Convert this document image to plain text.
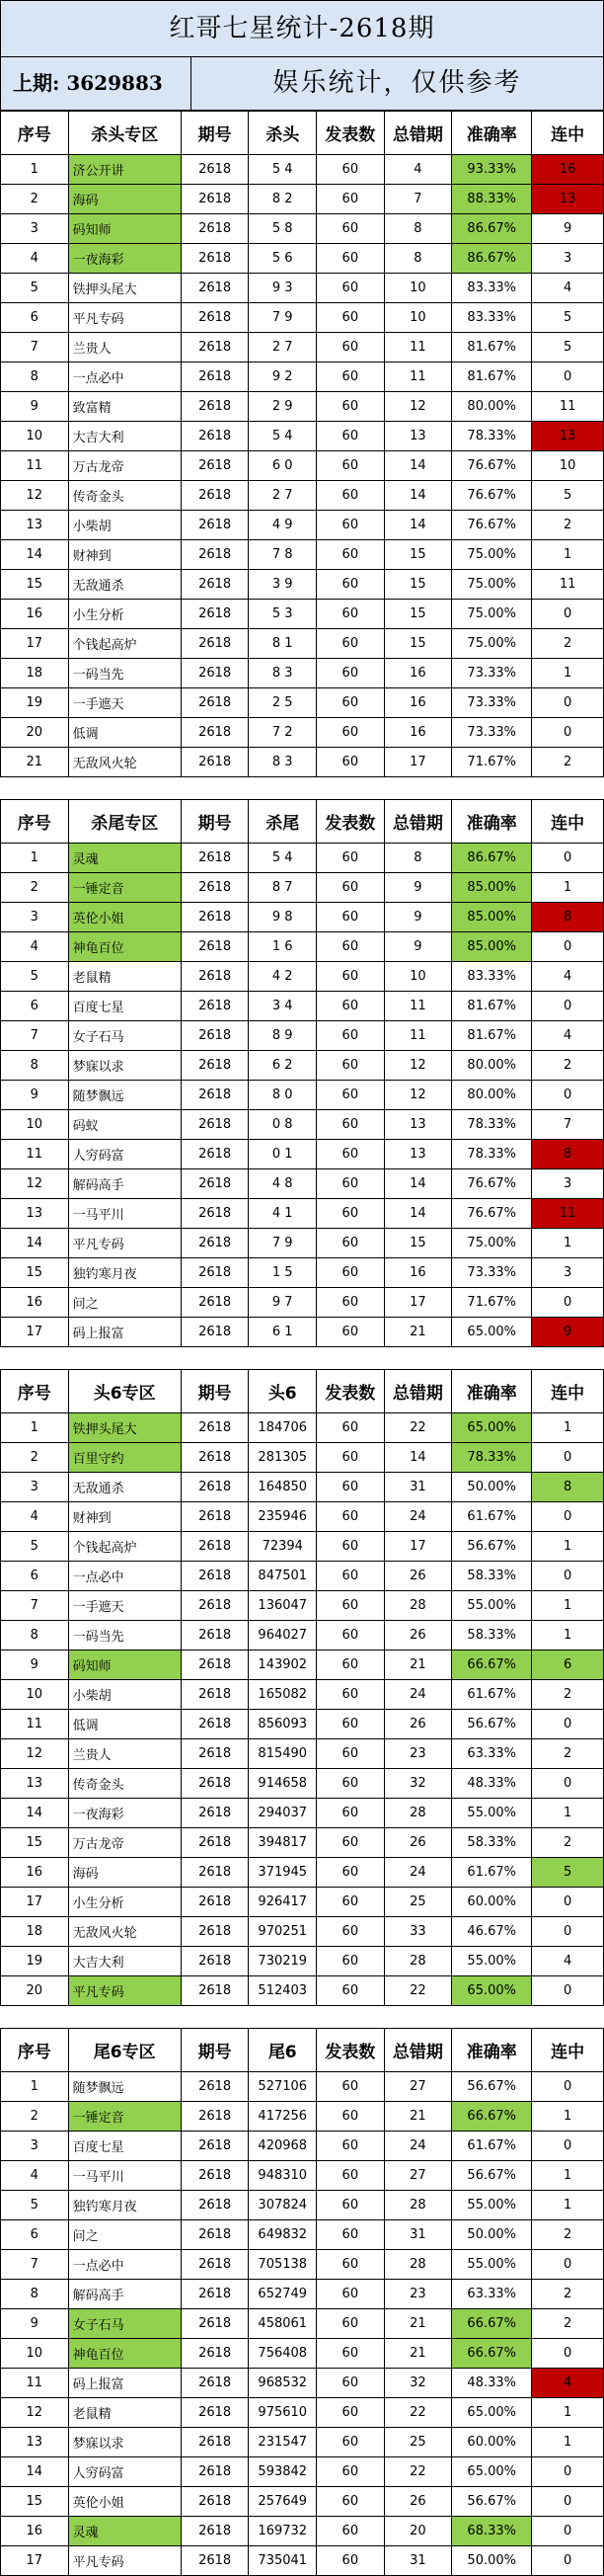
红哥七星统计-2618期
上期: 3629883	娱乐统计，仅供参考
序号	杀头专区	期号	杀头	发表数	总错期	准确率	连中
1	济公开讲	2618	5 4	60	4	93.33%	16
2	海码	2618	8 2	60	7	88.33%	13
3	码知师	2618	5 8	60	8	86.67%	9
4	一夜海彩	2618	5 6	60	8	86.67%	3
5	铁押头尾大	2618	9 3	60	10	83.33%	4
6	平凡专码	2618	7 9	60	10	83.33%	5
7	兰贵人	2618	2 7	60	11	81.67%	5
8	一点必中	2618	9 2	60	11	81.67%	0
9	致富精	2618	2 9	60	12	80.00%	11
10	大吉大利	2618	5 4	60	13	78.33%	13
11	万古龙帝	2618	6 0	60	14	76.67%	10
12	传奇金头	2618	2 7	60	14	76.67%	5
13	小柴胡	2618	4 9	60	14	76.67%	2
14	财神到	2618	7 8	60	15	75.00%	1
15	无敌通杀	2618	3 9	60	15	75.00%	11
16	小生分析	2618	5 3	60	15	75.00%	0
17	个钱起高炉	2618	8 1	60	15	75.00%	2
18	一码当先	2618	8 3	60	16	73.33%	1
19	一手遮天	2618	2 5	60	16	73.33%	0
20	低调	2618	7 2	60	16	73.33%	0
21	无敌风火轮	2618	8 3	60	17	71.67%	2
序号	杀尾专区	期号	杀尾	发表数	总错期	准确率	连中
1	灵魂	2618	5 4	60	8	86.67%	0
2	一锤定音	2618	8 7	60	9	85.00%	1
3	英伦小姐	2618	9 8	60	9	85.00%	8
4	神龟百位	2618	1 6	60	9	85.00%	0
5	老鼠精	2618	4 2	60	10	83.33%	4
6	百度七星	2618	3 4	60	11	81.67%	0
7	女子石马	2618	8 9	60	11	81.67%	4
8	梦寐以求	2618	6 2	60	12	80.00%	2
9	随梦飘远	2618	8 0	60	12	80.00%	0
10	码蚁	2618	0 8	60	13	78.33%	7
11	人穷码富	2618	0 1	60	13	78.33%	8
12	解码高手	2618	4 8	60	14	76.67%	3
13	一马平川	2618	4 1	60	14	76.67%	11
14	平凡专码	2618	7 9	60	15	75.00%	1
15	独钓寒月夜	2618	1 5	60	16	73.33%	3
16	问之	2618	9 7	60	17	71.67%	0
17	码上报富	2618	6 1	60	21	65.00%	9
序号	头6专区	期号	头6	发表数	总错期	准确率	连中
1	铁押头尾大	2618	184706	60	22	65.00%	1
2	百里守约	2618	281305	60	14	78.33%	0
3	无敌通杀	2618	164850	60	31	50.00%	8
4	财神到	2618	235946	60	24	61.67%	0
5	个钱起高炉	2618	72394	60	17	56.67%	1
6	一点必中	2618	847501	60	26	58.33%	0
7	一手遮天	2618	136047	60	28	55.00%	1
8	一码当先	2618	964027	60	26	58.33%	1
9	码知师	2618	143902	60	21	66.67%	6
10	小柴胡	2618	165082	60	24	61.67%	2
11	低调	2618	856093	60	26	56.67%	0
12	兰贵人	2618	815490	60	23	63.33%	2
13	传奇金头	2618	914658	60	32	48.33%	0
14	一夜海彩	2618	294037	60	28	55.00%	1
15	万古龙帝	2618	394817	60	26	58.33%	2
16	海码	2618	371945	60	24	61.67%	5
17	小生分析	2618	926417	60	25	60.00%	0
18	无敌风火轮	2618	970251	60	33	46.67%	0
19	大吉大利	2618	730219	60	28	55.00%	4
20	平凡专码	2618	512403	60	22	65.00%	0
序号	尾6专区	期号	尾6	发表数	总错期	准确率	连中
1	随梦飘远	2618	527106	60	27	56.67%	0
2	一锤定音	2618	417256	60	21	66.67%	1
3	百度七星	2618	420968	60	24	61.67%	0
4	一马平川	2618	948310	60	27	56.67%	1
5	独钓寒月夜	2618	307824	60	28	55.00%	1
6	问之	2618	649832	60	31	50.00%	2
7	一点必中	2618	705138	60	28	55.00%	0
8	解码高手	2618	652749	60	23	63.33%	2
9	女子石马	2618	458061	60	21	66.67%	2
10	神龟百位	2618	756408	60	21	66.67%	0
11	码上报富	2618	968532	60	32	48.33%	4
12	老鼠精	2618	975610	60	22	65.00%	1
13	梦寐以求	2618	231547	60	25	60.00%	1
14	人穷码富	2618	593842	60	22	65.00%	0
15	英伦小姐	2618	257649	60	26	56.67%	0
16	灵魂	2618	169732	60	20	68.33%	0
17	平凡专码	2618	735041	60	31	50.00%	0
